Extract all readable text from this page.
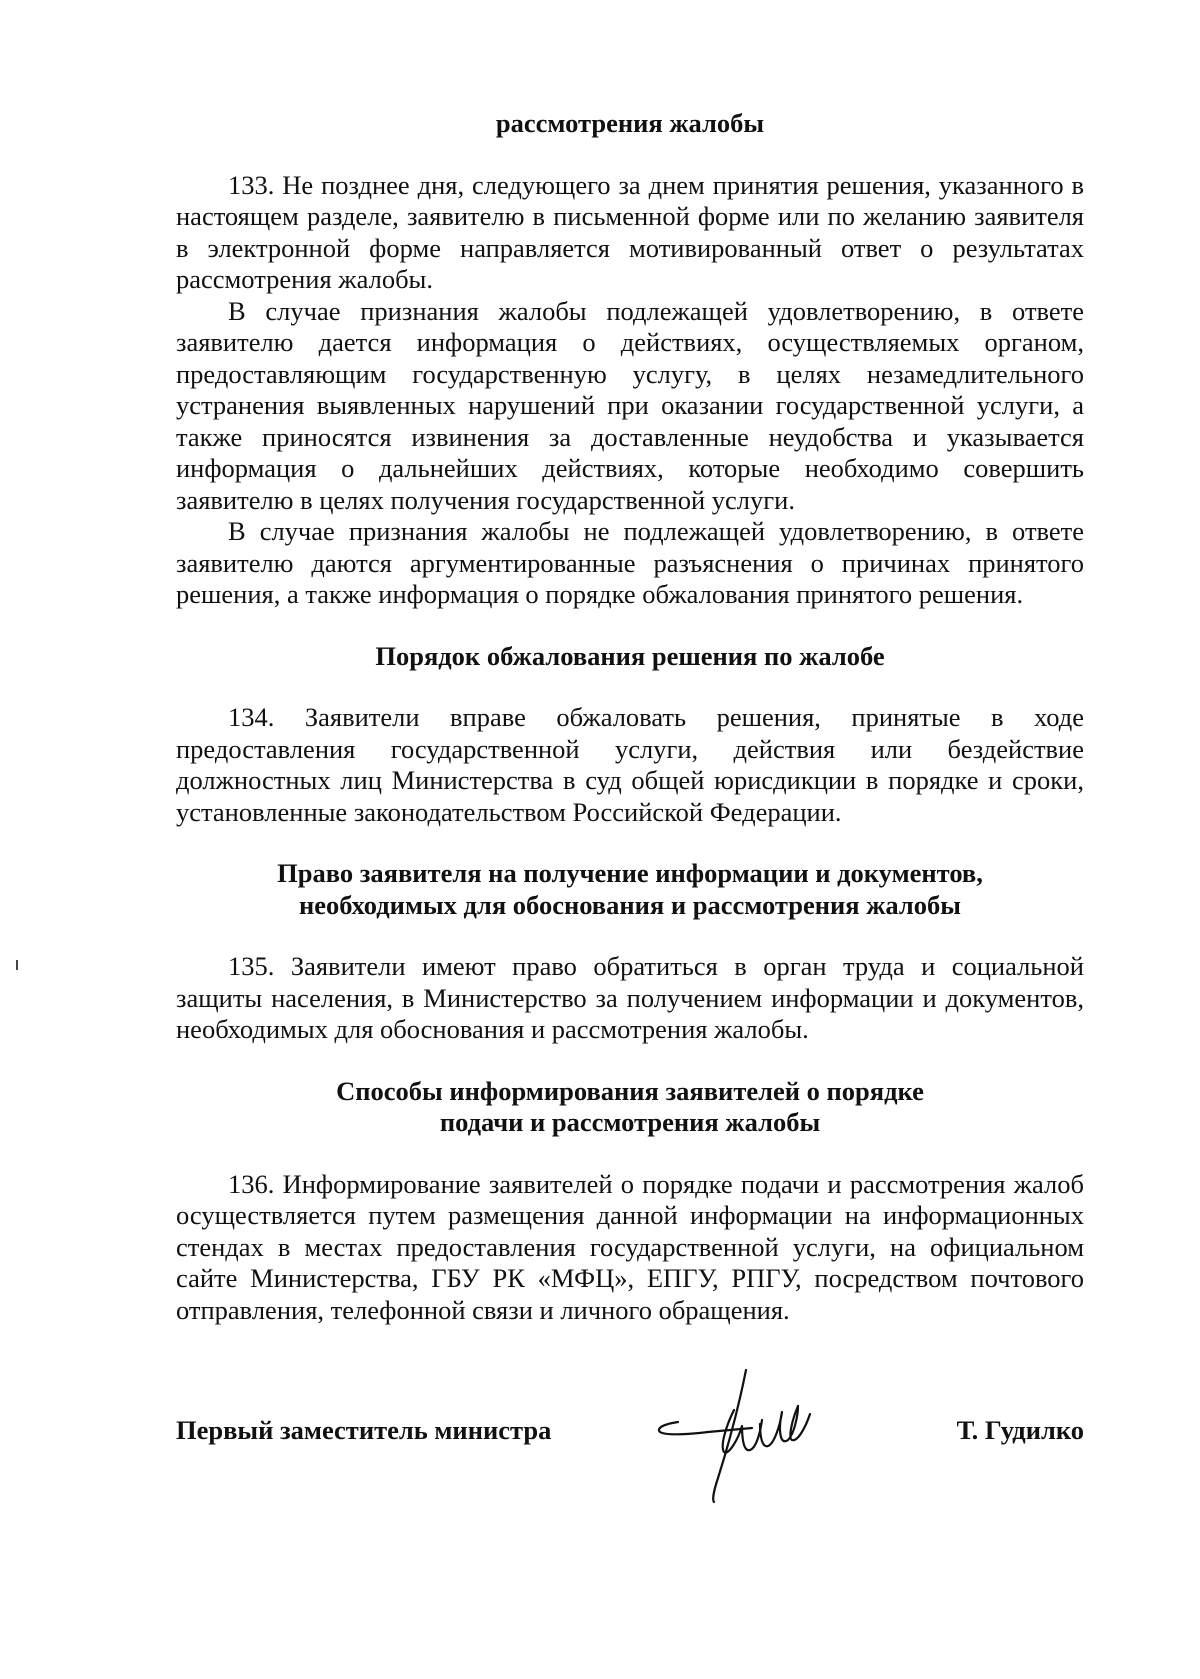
рассмотрения жалобы

133. Не позднее дня, следующего за днем принятия решения, указанного в настоящем разделе, заявителю в письменной форме или по желанию заявителя в электронной форме направляется мотивированный ответ о результатах рассмотрения жалобы.

В случае признания жалобы подлежащей удовлетворению, в ответе заявителю дается информация о действиях, осуществляемых органом, предоставляющим государственную услугу, в целях незамедлительного устранения выявленных нарушений при оказании государственной услуги, а также приносятся извинения за доставленные неудобства и указывается информация о дальнейших действиях, которые необходимо совершить заявителю в целях получения государственной услуги.

В случае признания жалобы не подлежащей удовлетворению, в ответе заявителю даются аргументированные разъяснения о причинах принятого решения, а также информация о порядке обжалования принятого решения.

Порядок обжалования решения по жалобе

134. Заявители вправе обжаловать решения, принятые в ходе предоставления государственной услуги, действия или бездействие должностных лиц Министерства в суд общей юрисдикции в порядке и сроки, установленные законодательством Российской Федерации.

Право заявителя на получение информации и документов,

необходимых для обоснования и рассмотрения жалобы

135. Заявители имеют право обратиться в орган труда и социальной защиты населения, в Министерство за получением информации и документов, необходимых для обоснования и рассмотрения жалобы.

Способы информирования заявителей о порядке

подачи и рассмотрения жалобы

136. Информирование заявителей о порядке подачи и рассмотрения жалоб осуществляется путем размещения данной информации на информационных стендах в местах предоставления государственной услуги, на официальном сайте Министерства, ГБУ РК «МФЦ», ЕПГУ, РПГУ, посредством почтового отправления, телефонной связи и личного обращения.

Первый заместитель министра	Т. Гудилко
